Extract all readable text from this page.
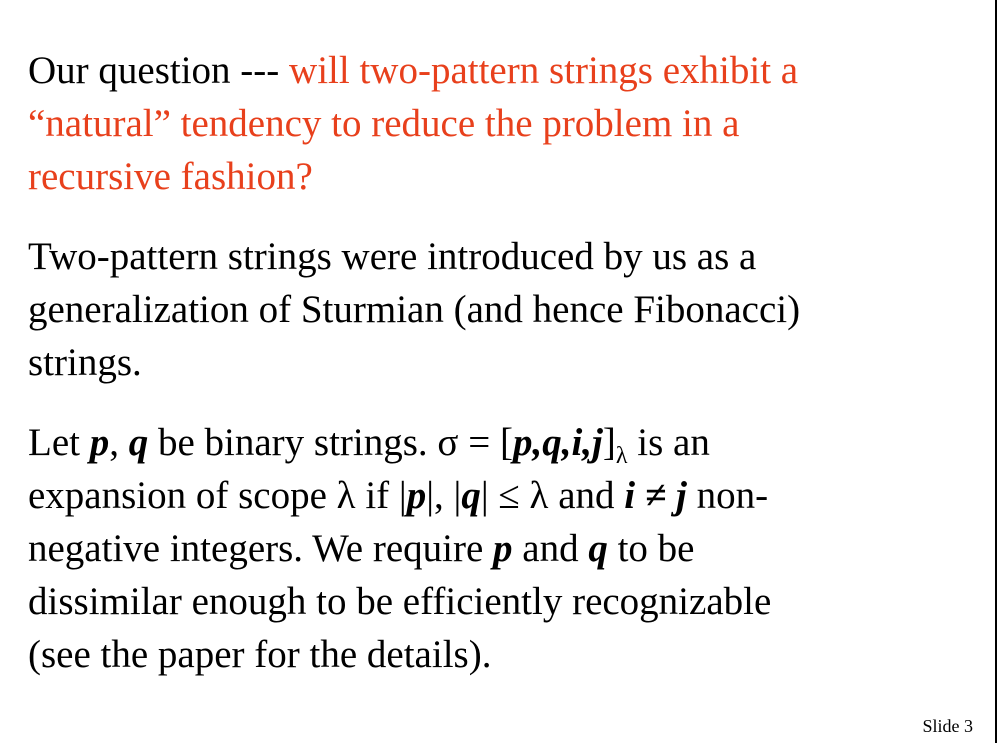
Our question --- will two-pattern strings exhibit a
“natural” tendency to reduce the problem in a
recursive fashion?
Two-pattern strings were introduced by us as a
generalization of Sturmian (and hence Fibonacci)
strings.
Let p, q be binary strings. $\sigma = [p,q,i,j]_\lambda$ is an
expansion of scope λ if |p|, |q| ≤ λ and i ≠ j non-
negative integers. We require p and q to be
dissimilar enough to be efficiently recognizable
(see the paper for the details).
Slide 3
